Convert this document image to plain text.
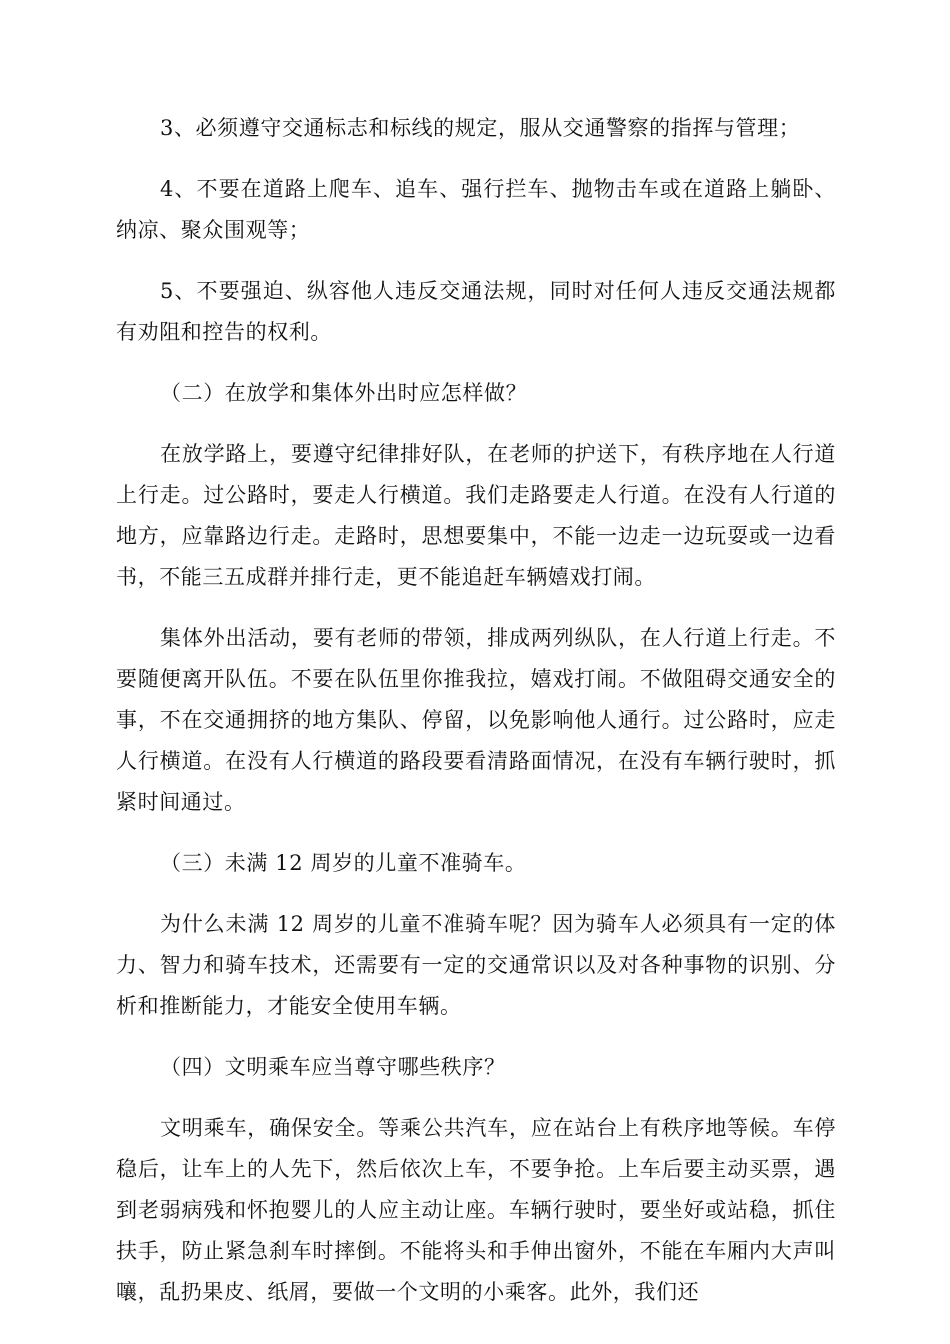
3、必须遵守交通标志和标线的规定，服从交通警察的指挥与管理；

4、不要在道路上爬车、追车、强行拦车、抛物击车或在道路上躺卧、纳凉、聚众围观等；

5、不要强迫、纵容他人违反交通法规，同时对任何人违反交通法规都有劝阻和控告的权利。

（二）在放学和集体外出时应怎样做？

在放学路上，要遵守纪律排好队，在老师的护送下，有秩序地在人行道上行走。过公路时，要走人行横道。我们走路要走人行道。在没有人行道的地方，应靠路边行走。走路时，思想要集中，不能一边走一边玩耍或一边看书，不能三五成群并排行走，更不能追赶车辆嬉戏打闹。

集体外出活动，要有老师的带领，排成两列纵队，在人行道上行走。不要随便离开队伍。不要在队伍里你推我拉，嬉戏打闹。不做阻碍交通安全的事，不在交通拥挤的地方集队、停留，以免影响他人通行。过公路时，应走人行横道。在没有人行横道的路段要看清路面情况，在没有车辆行驶时，抓紧时间通过。

（三）未满 12 周岁的儿童不准骑车。

为什么未满 12 周岁的儿童不准骑车呢？因为骑车人必须具有一定的体力、智力和骑车技术，还需要有一定的交通常识以及对各种事物的识别、分析和推断能力，才能安全使用车辆。

（四）文明乘车应当尊守哪些秩序？

文明乘车，确保安全。等乘公共汽车，应在站台上有秩序地等候。车停稳后，让车上的人先下，然后依次上车，不要争抢。上车后要主动买票，遇到老弱病残和怀抱婴儿的人应主动让座。车辆行驶时，要坐好或站稳，抓住扶手，防止紧急刹车时摔倒。不能将头和手伸出窗外，不能在车厢内大声叫嚷，乱扔果皮、纸屑，要做一个文明的小乘客。此外，我们还
